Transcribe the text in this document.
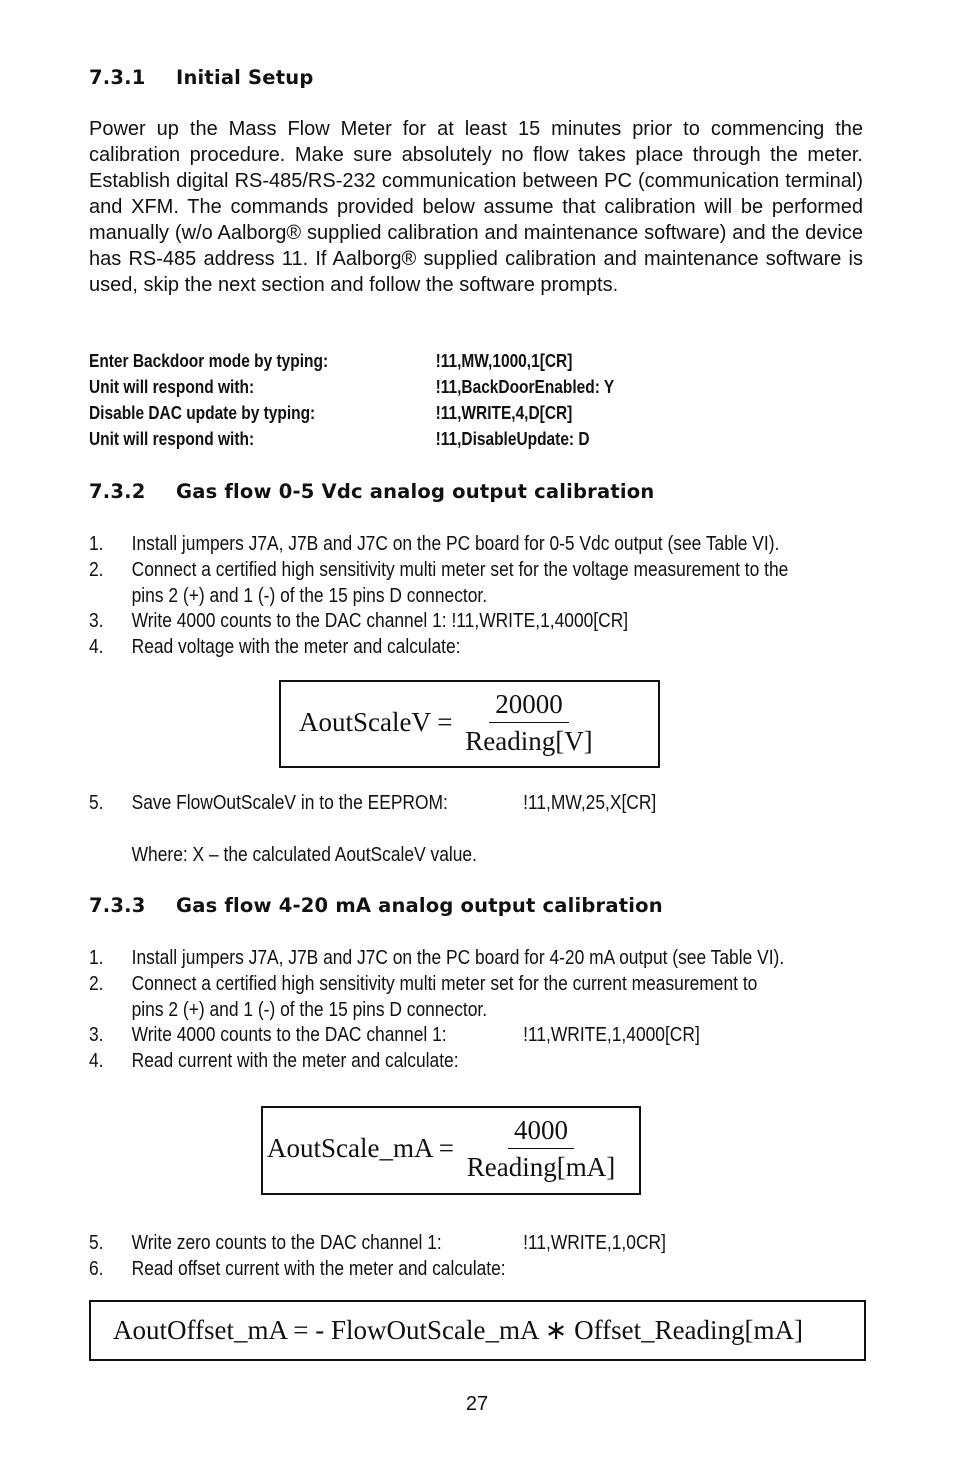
7.3.1 Initial Setup
Power up the Mass Flow Meter for at least 15 minutes prior to commencing the calibration procedure. Make sure absolutely no flow takes place through the meter. Establish digital RS-485/RS-232 communication between PC (communication terminal) and XFM. The commands provided below assume that calibration will be performed manually (w/o Aalborg® supplied calibration and maintenance software) and the device has RS-485 address 11. If Aalborg® supplied calibration and maintenance software is used, skip the next section and follow the software prompts.
Enter Backdoor mode by typing:	!11,MW,1000,1[CR]
Unit will respond with:	!11,BackDoorEnabled: Y
Disable DAC update by typing:	!11,WRITE,4,D[CR]
Unit will respond with:	!11,DisableUpdate: D
7.3.2 Gas flow 0-5 Vdc analog output calibration
1. Install jumpers J7A, J7B and J7C on the PC board for 0-5 Vdc output (see Table VI).
2. Connect a certified high sensitivity multi meter set for the voltage measurement to the
pins 2 (+) and 1 (-) of the 15 pins D connector.
3. Write 4000 counts to the DAC channel 1: !11,WRITE,1,4000[CR]
4. Read voltage with the meter and calculate:
AoutScaleV = $\frac{20000}{\text{Reading[V]}}$
5. Save FlowOutScaleV in to the EEPROM:	!11,MW,25,X[CR]
Where: X – the calculated AoutScaleV value.
7.3.3 Gas flow 4-20 mA analog output calibration
1. Install jumpers J7A, J7B and J7C on the PC board for 4-20 mA output (see Table VI).
2. Connect a certified high sensitivity multi meter set for the current measurement to
pins 2 (+) and 1 (-) of the 15 pins D connector.
3. Write 4000 counts to the DAC channel 1:	!11,WRITE,1,4000[CR]
4. Read current with the meter and calculate:
AoutScale_mA = $\frac{4000}{\text{Reading[mA]}}$
5. Write zero counts to the DAC channel 1:	!11,WRITE,1,0CR]
6. Read offset current with the meter and calculate:
AoutOffset_mA = - FlowOutScale_mA ∗ Offset_Reading[mA]
27
